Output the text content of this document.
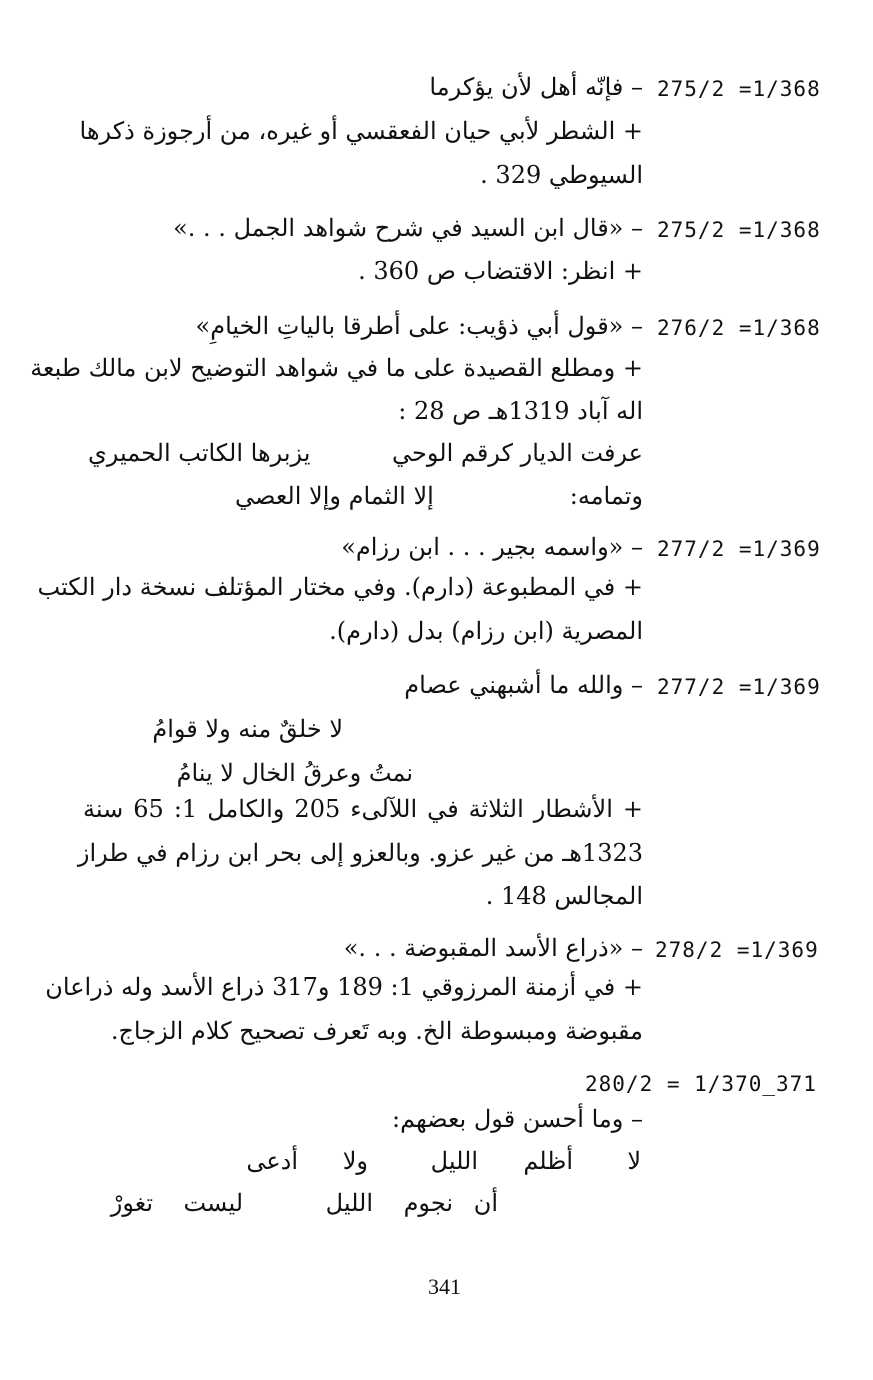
275/2 =1/368
– فإنّه أهل لأن يؤكرما
+ الشطر لأبي حيان الفعقسي أو غيره، من أرجوزة ذكرها
السيوطي 329 .
275/2 =1/368
– «قال ابن السيد في شرح شواهد الجمل . . .»
+ انظر: الاقتضاب ص 360 .
276/2 =1/368
– «قول أبي ذؤيب: على أطرقا بالياتِ الخيامِ»
+ ومطلع القصيدة على ما في شواهد التوضيح لابن مالك طبعة
اله آباد 1319هـ ص 28 :
عرفت الديار كرقم الوحي
يزبرها الكاتب الحميري
وتمامه:
إلا الثمام وإلا العصي
277/2 =1/369
– «واسمه بجير . . . ابن رزام»
+ في المطبوعة (دارم). وفي مختار المؤتلف نسخة دار الكتب
المصرية (ابن رزام) بدل (دارم).
277/2 =1/369
– والله ما أشبهني عصام
لا خلقٌ منه ولا قوامُ
نمتُ وعرقُ الخال لا ينامُ
+ الأشطار الثلاثة في اللآلىء 205 والكامل 1: 65 سنة
1323هـ من غير عزو. وبالعزو إلى بحر ابن رزام في طراز
المجالس 148 .
278/2 =1/369
– «ذراع الأسد المقبوضة . . .»
+ في أزمنة المرزوقي 1: 189 و317 ذراع الأسد وله ذراعان
مقبوضة ومبسوطة الخ. وبه تَعرف تصحيح كلام الزجاج.
280/2 = 1/370_371
– وما أحسن قول بعضهم:
لا
أظلم
الليل
ولا
أدعى
أن
نجوم
الليل
ليست
تغورْ
341
